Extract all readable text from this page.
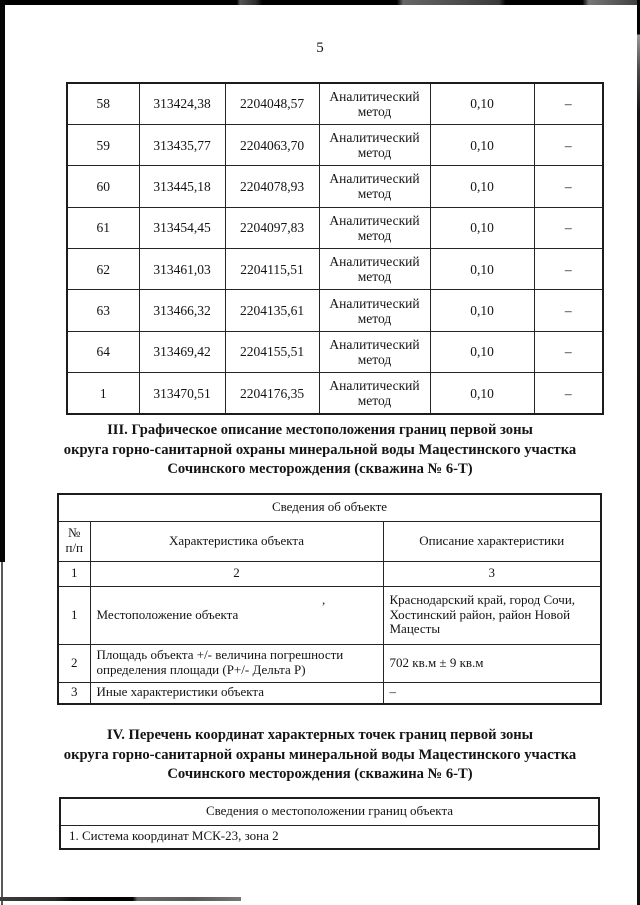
,
5
58	313424,38	2204048,57	Аналитический метод	0,10	–
59	313435,77	2204063,70	Аналитический метод	0,10	–
60	313445,18	2204078,93	Аналитический метод	0,10	–
61	313454,45	2204097,83	Аналитический метод	0,10	–
62	313461,03	2204115,51	Аналитический метод	0,10	–
63	313466,32	2204135,61	Аналитический метод	0,10	–
64	313469,42	2204155,51	Аналитический метод	0,10	–
1	313470,51	2204176,35	Аналитический метод	0,10	–
III. Графическое описание местоположения границ первой зоны
округа горно-санитарной охраны минеральной воды Мацестинского участка
Сочинского месторождения (скважина № 6-Т)
Сведения об объекте		
№ п/п	Характеристика объекта	Описание характеристики
1	2	3
1	Местоположение объекта	Краснодарский край, город Сочи, Хостинский район, район Новой Мацесты
2	Площадь объекта +/- величина погрешности определения площади (Р+/- Дельта Р)	702 кв.м ± 9 кв.м
3	Иные характеристики объекта	–
IV. Перечень координат характерных точек границ первой зоны
округа горно-санитарной охраны минеральной воды Мацестинского участка
Сочинского месторождения (скважина № 6-Т)
Сведения о местоположении границ объекта
1. Система координат МСК-23, зона 2
